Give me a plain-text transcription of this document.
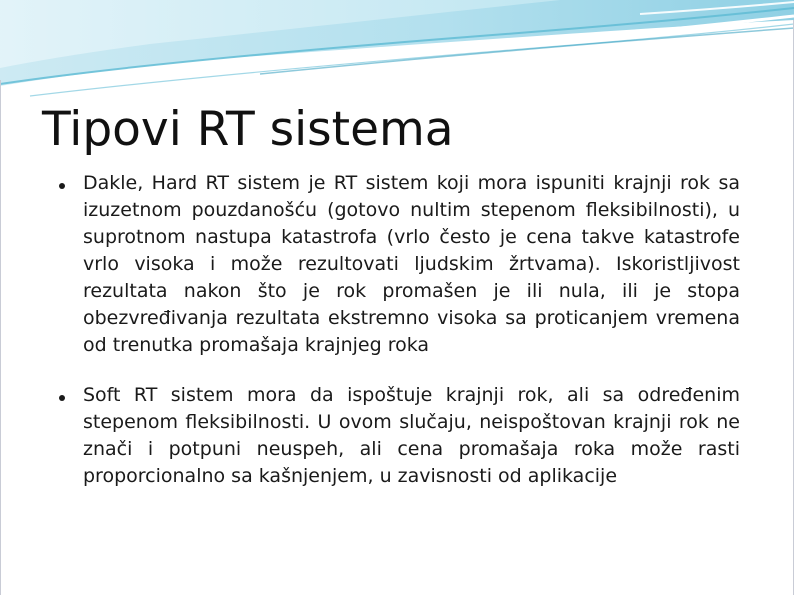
Tipovi RT sistema
Dakle, Hard RT sistem je RT sistem koji mora ispuniti krajnji rok sa izuzetnom pouzdanošću (gotovo nultim stepenom fleksibilnosti), u suprotnom nastupa katastrofa (vrlo često je cena takve katastrofe vrlo visoka i može rezultovati ljudskim žrtvama). Iskoristljivost rezultata nakon što je rok promašen je ili nula, ili je stopa obezvređivanja rezultata ekstremno visoka sa proticanjem vremena od trenutka promašaja krajnjeg roka
Soft RT sistem mora da ispoštuje krajnji rok, ali sa određenim stepenom fleksibilnosti. U ovom slučaju, neispoštovan krajnji rok ne znači i potpuni neuspeh, ali cena promašaja roka može rasti proporcionalno sa kašnjenjem, u zavisnosti od aplikacije
